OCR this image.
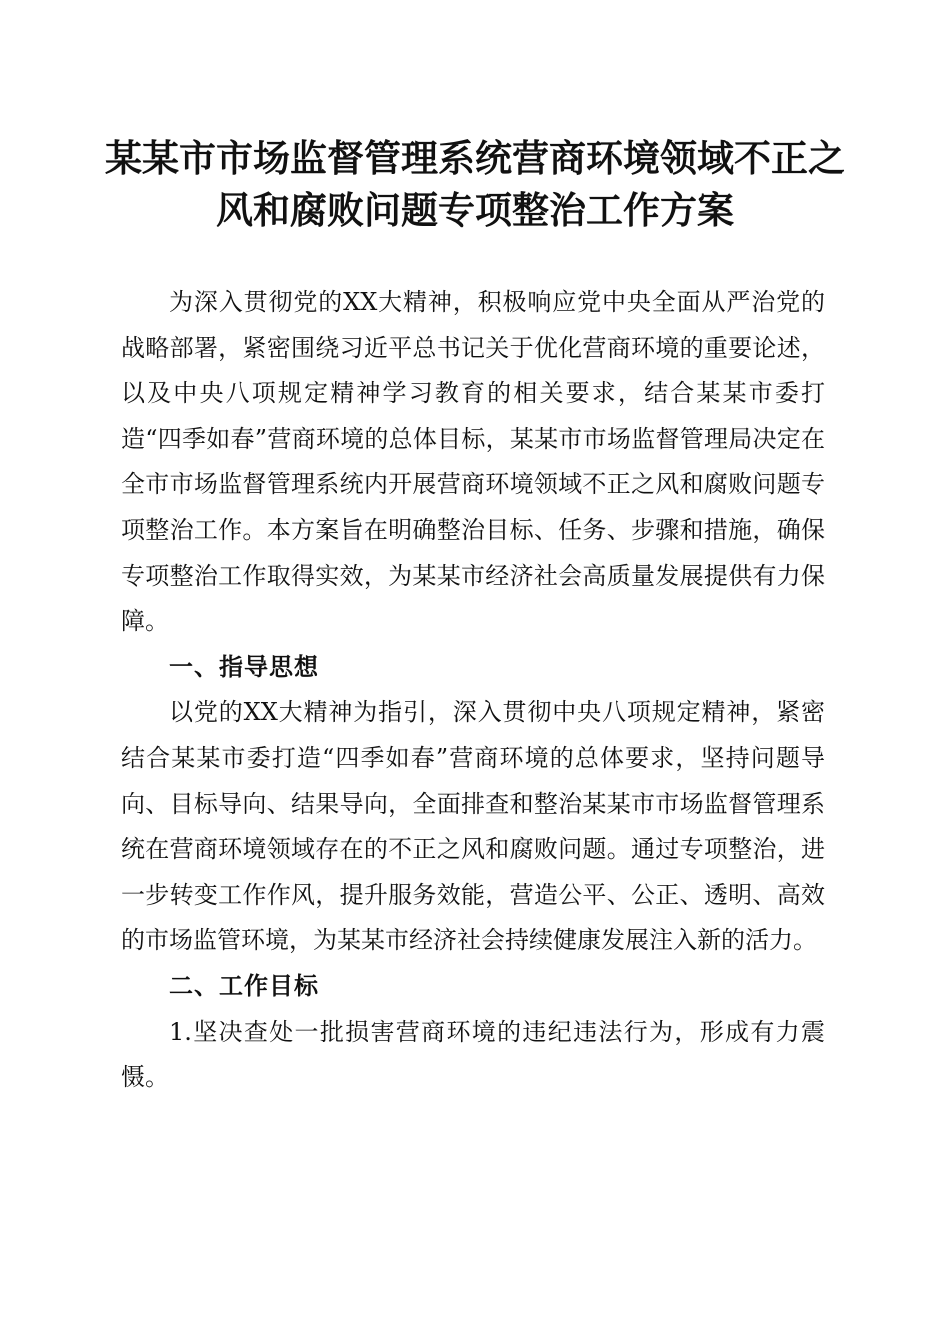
某某市市场监督管理系统营商环境领域不正之
风和腐败问题专项整治工作方案

为深入贯彻党的XX大精神，积极响应党中央全面从严治党的战略部署，紧密围绕习近平总书记关于优化营商环境的重要论述，以及中央八项规定精神学习教育的相关要求，结合某某市委打造“四季如春”营商环境的总体目标，某某市市场监督管理局决定在全市市场监督管理系统内开展营商环境领域不正之风和腐败问题专项整治工作。本方案旨在明确整治目标、任务、步骤和措施，确保专项整治工作取得实效，为某某市经济社会高质量发展提供有力保障。

一、指导思想

以党的XX大精神为指引，深入贯彻中央八项规定精神，紧密结合某某市委打造“四季如春”营商环境的总体要求，坚持问题导向、目标导向、结果导向，全面排查和整治某某市市场监督管理系统在营商环境领域存在的不正之风和腐败问题。通过专项整治，进一步转变工作作风，提升服务效能，营造公平、公正、透明、高效的市场监管环境，为某某市经济社会持续健康发展注入新的活力。

二、工作目标

1.坚决查处一批损害营商环境的违纪违法行为，形成有力震慑。
